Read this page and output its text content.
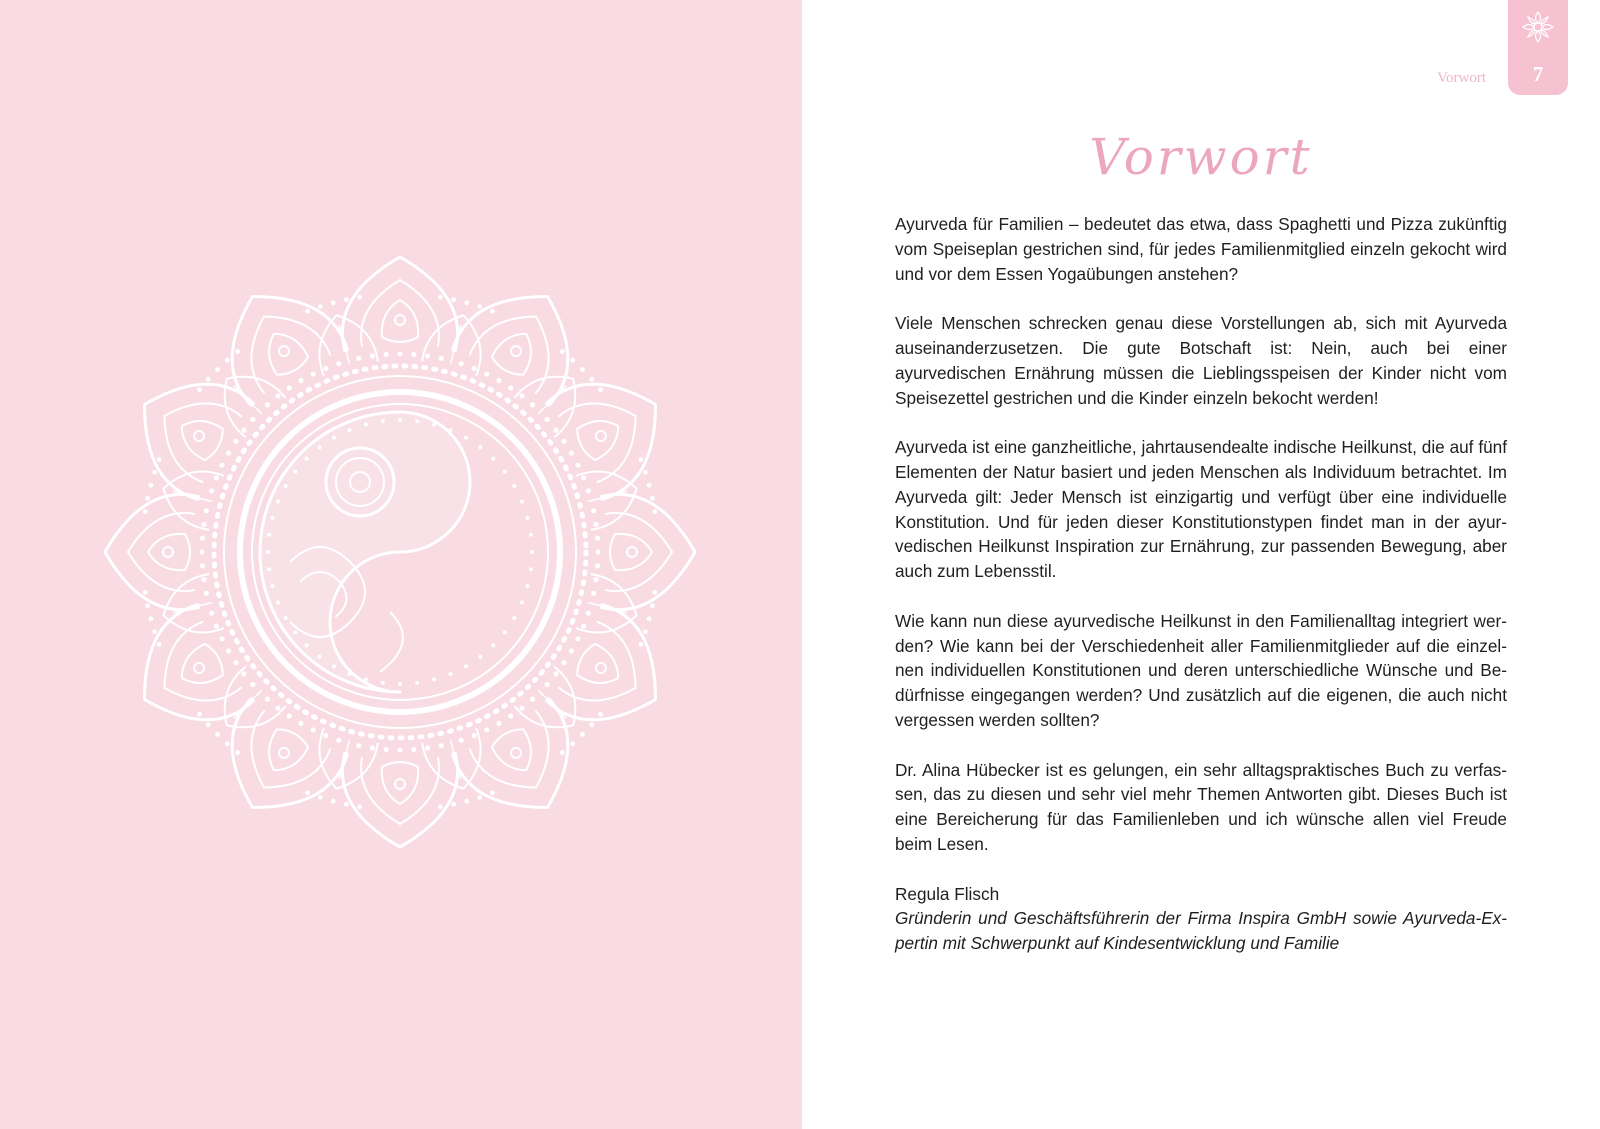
7
Vorwort
Vorwort

Ayurveda für Familien – bedeutet das etwa, dass Spaghetti und Pizza zukünftig vom Speiseplan gestrichen sind, für jedes Familienmitglied einzeln gekocht wird und vor dem Essen Yogaübungen anstehen?

Viele Menschen schrecken genau diese Vorstellungen ab, sich mit Ayurveda auseinanderzusetzen. Die gute Botschaft ist: Nein, auch bei einer ayurvedischen Ernährung müssen die Lieblingsspeisen der Kinder nicht vom Speisezettel gestrichen und die Kinder einzeln bekocht werden!

Ayurveda ist eine ganzheitliche, jahrtausendealte indische Heilkunst, die auf fünf Elementen der Natur basiert und jeden Menschen als Individuum betrachtet. Im Ayurveda gilt: Jeder Mensch ist einzigartig und verfügt über eine individuelle Konstitution. Und für jeden dieser Konstitutionstypen findet man in der ayurvedischen Heilkunst Inspiration zur Ernährung, zur passenden Bewegung, aber auch zum Lebensstil.

Wie kann nun diese ayurvedische Heilkunst in den Familienalltag integriert werden? Wie kann bei der Verschiedenheit aller Familienmitglieder auf die einzelnen individuellen Konstitutionen und deren unterschiedliche Wünsche und Bedürfnisse eingegangen werden? Und zusätzlich auf die eigenen, die auch nicht vergessen werden sollten?

Dr. Alina Hübecker ist es gelungen, ein sehr alltagspraktisches Buch zu verfassen, das zu diesen und sehr viel mehr Themen Antworten gibt. Dieses Buch ist eine Bereicherung für das Familienleben und ich wünsche allen viel Freude beim Lesen.

Regula Flisch

Gründerin und Geschäftsführerin der Firma Inspira GmbH sowie Ayurveda-Expertin mit Schwerpunkt auf Kindesentwicklung und Familie
